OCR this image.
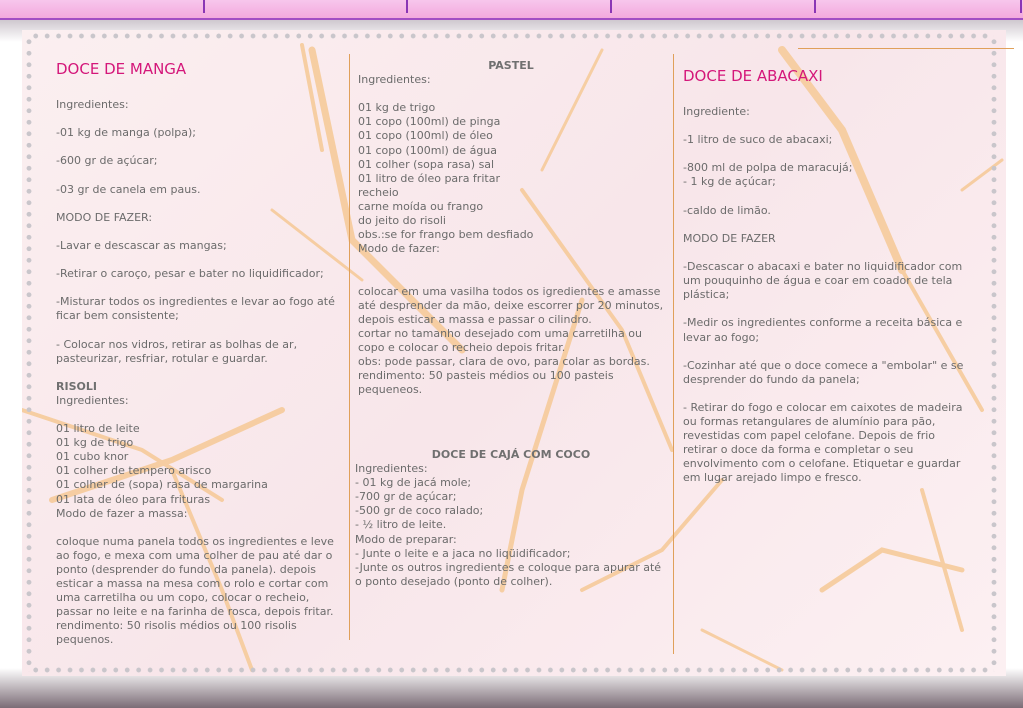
DOCE DE MANGA

Ingredientes:

-01 kg de manga (polpa);

-600 gr de açúcar;

-03 gr de canela em paus.

MODO DE FAZER:

-Lavar e descascar as mangas;

-Retirar o caroço, pesar e bater no liquidificador;

-Misturar todos os ingredientes e levar ao fogo até ficar bem consistente;

- Colocar nos vidros, retirar as bolhas de ar, pasteurizar, resfriar, rotular e guardar.

RISOLI

Ingredientes:

01 litro de leite
01 kg de trigo
01 cubo knor
01 colher de tempero arisco
01 colher de (sopa) rasa de margarina
01 lata de óleo para frituras
Modo de fazer a massa:

coloque numa panela todos os ingredientes e leve ao fogo, e mexa com uma colher de pau até dar o ponto (desprender do fundo da panela). depois esticar a massa na mesa com o rolo e cortar com uma carretilha ou um copo, colocar o recheio, passar no leite e na farinha de rosca, depois fritar.
rendimento: 50 risolis médios ou 100 risolis pequenos.

PASTEL

Ingredientes:

01 kg de trigo
01 copo (100ml) de pinga
01 copo (100ml) de óleo
01 copo (100ml) de água
01 colher (sopa rasa) sal
01 litro de óleo para fritar
recheio
carne moída ou frango
do jeito do risoli
obs.:se for frango bem desfiado
Modo de fazer:

colocar em uma vasilha todos os igredientes e amasse até desprender da mão, deixe escorrer por 20 minutos, depois esticar a massa e passar o cilindro.
cortar no tamanho desejado com uma carretilha ou copo e colocar o recheio depois fritar.
obs: pode passar, clara de ovo, para colar as bordas.
rendimento: 50 pasteis médios ou 100 pasteis pequeneos.

DOCE DE CAJÁ COM COCO

Ingredientes:
- 01 kg de jacá mole;
-700 gr de açúcar;
-500 gr de coco ralado;
- ½ litro de leite.
Modo de preparar:
- Junte o leite e a jaca no liqüidificador;
-Junte os outros ingredientes e coloque para apurar até o ponto desejado (ponto de colher).

DOCE DE ABACAXI

Ingrediente:

-1 litro de suco de abacaxi;

-800 ml de polpa de maracujá;
- 1 kg de açúcar;

-caldo de limão.

MODO DE FAZER

-Descascar o abacaxi e bater no liquidificador com um pouquinho de água e coar em coador de tela plástica;

-Medir os ingredientes conforme a receita básica e levar ao fogo;

-Cozinhar até que o doce comece a "embolar" e se desprender do fundo da panela;

- Retirar do fogo e colocar em caixotes de madeira ou formas retangulares de alumínio para pão, revestidas com papel celofane. Depois de frio retirar o doce da forma e completar o seu envolvimento com o celofane. Etiquetar e guardar em lugar arejado limpo e fresco.
